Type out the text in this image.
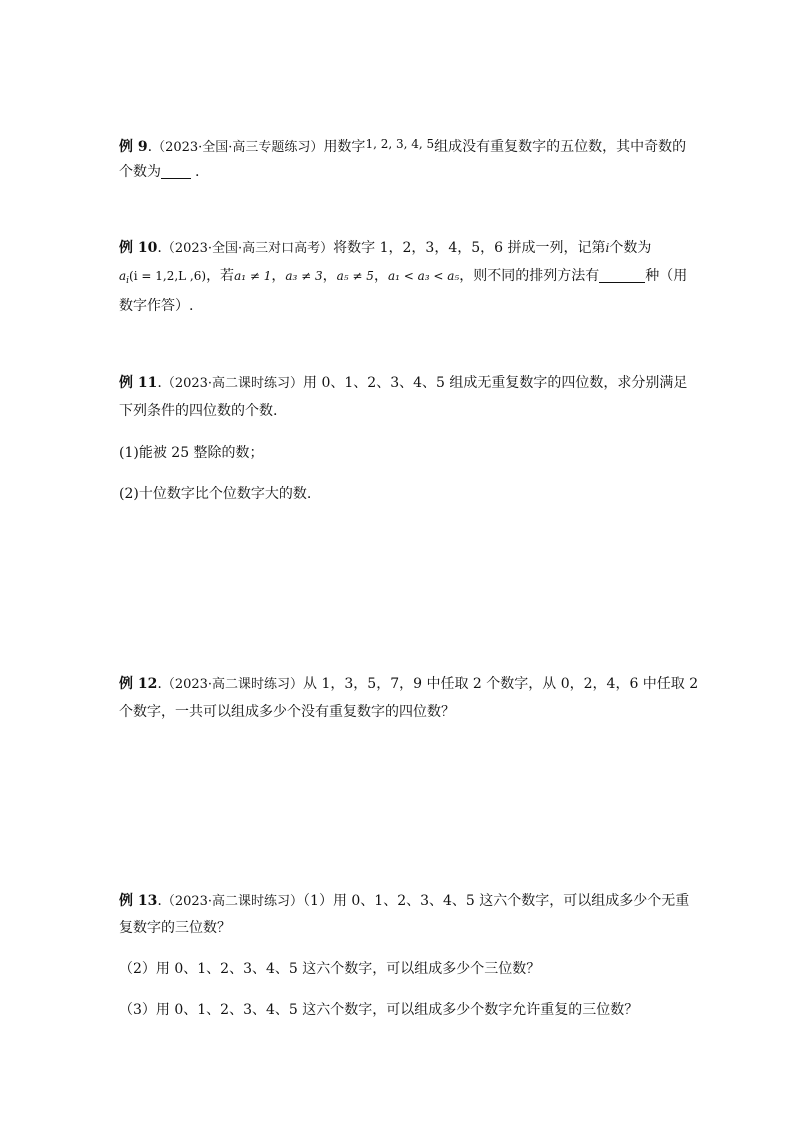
例 9.（2023·全国·高三专题练习）用数字1, 2, 3, 4, 5组成没有重复数字的五位数，其中奇数的
个数为 .
例 10.（2023·全国·高三对口高考）将数字 1，2，3，4，5，6 拼成一列，记第i个数为
$a_i(i = 1,2,L$ ,6)，若a₁ ≠ 1，a₃ ≠ 3，a₅ ≠ 5，a₁ < a₃ < a₅，则不同的排列方法有	种（用
数字作答）.
例 11.（2023·高二课时练习）用 0、1、2、3、4、5 组成无重复数字的四位数，求分别满足
下列条件的四位数的个数.
(1)能被 25 整除的数；
(2)十位数字比个位数字大的数.
例 12.（2023·高二课时练习）从 1，3，5，7，9 中任取 2 个数字，从 0，2，4，6 中任取 2
个数字，一共可以组成多少个没有重复数字的四位数？
例 13.（2023·高二课时练习）（1）用 0、1、2、3、4、5 这六个数字，可以组成多少个无重
复数字的三位数？
（2）用 0、1、2、3、4、5 这六个数字，可以组成多少个三位数？
（3）用 0、1、2、3、4、5 这六个数字，可以组成多少个数字允许重复的三位数？
